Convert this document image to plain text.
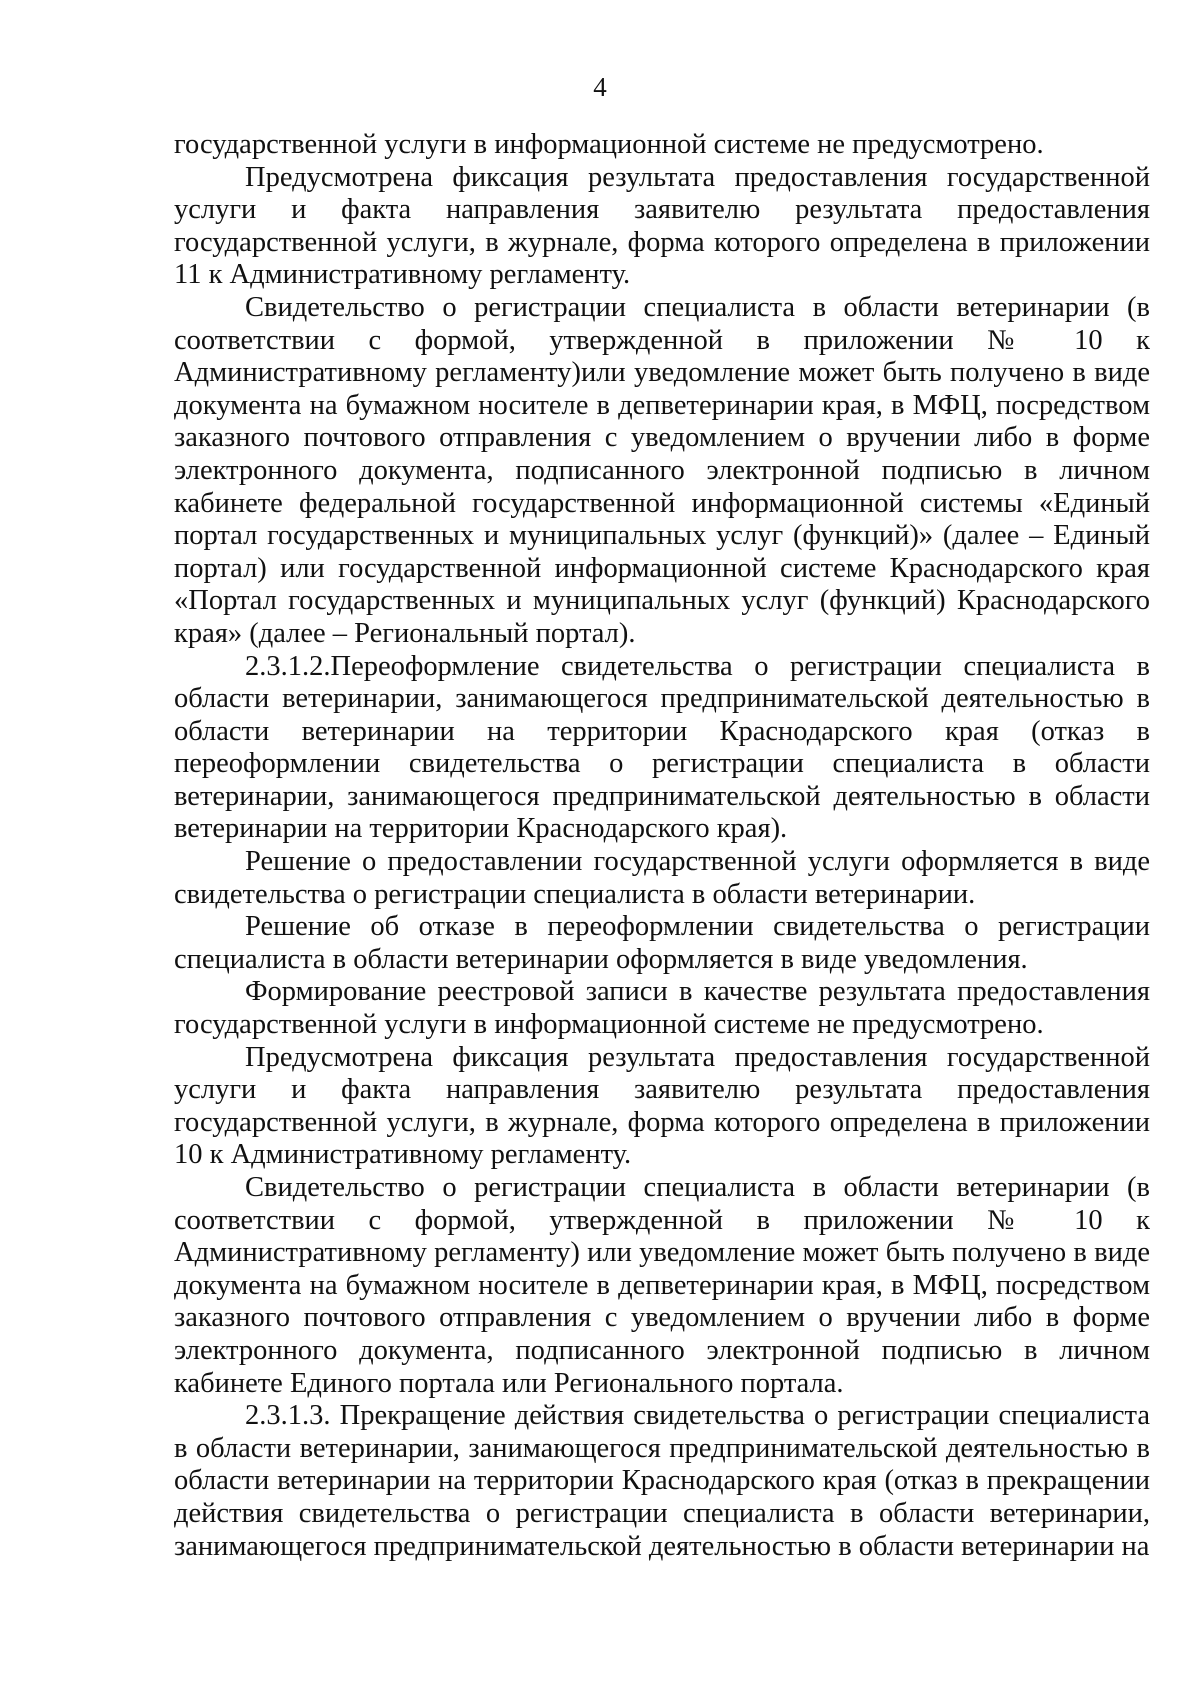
4

государственной услуги в информационной системе не предусмотрено.

Предусмотрена фиксация результата предоставления государственной услуги и факта направления заявителю результата предоставления государственной услуги, в журнале, форма которого определена в приложении 11 к Административному регламенту.

Свидетельство о регистрации специалиста в области ветеринарии (в соответствии с формой, утвержденной в приложении № 10 к Административному регламенту)или уведомление может быть получено в виде документа на бумажном носителе в депветеринарии края, в МФЦ, посредством заказного почтового отправления с уведомлением о вручении либо в форме электронного документа, подписанного электронной подписью в личном кабинете федеральной государственной информационной системы «Единый портал государственных и муниципальных услуг (функций)» (далее – Единый портал) или государственной информационной системе Краснодарского края «Портал государственных и муниципальных услуг (функций) Краснодарского края» (далее – Региональный портал).

2.3.1.2.Переоформление свидетельства о регистрации специалиста в области ветеринарии, занимающегося предпринимательской деятельностью в области ветеринарии на территории Краснодарского края (отказ в переоформлении свидетельства о регистрации специалиста в области ветеринарии, занимающегося предпринимательской деятельностью в области ветеринарии на территории Краснодарского края).

Решение о предоставлении государственной услуги оформляется в виде свидетельства о регистрации специалиста в области ветеринарии.

Решение об отказе в переоформлении свидетельства о регистрации специалиста в области ветеринарии оформляется в виде уведомления.

Формирование реестровой записи в качестве результата предоставления государственной услуги в информационной системе не предусмотрено.

Предусмотрена фиксация результата предоставления государственной услуги и факта направления заявителю результата предоставления государственной услуги, в журнале, форма которого определена в приложении 10 к Административному регламенту.

Свидетельство о регистрации специалиста в области ветеринарии (в соответствии с формой, утвержденной в приложении № 10 к Административному регламенту) или уведомление может быть получено в виде документа на бумажном носителе в депветеринарии края, в МФЦ, посредством заказного почтового отправления с уведомлением о вручении либо в форме электронного документа, подписанного электронной подписью в личном кабинете Единого портала или Регионального портала.

2.3.1.3. Прекращение действия свидетельства о регистрации специалиста в области ветеринарии, занимающегося предпринимательской деятельностью в области ветеринарии на территории Краснодарского края (отказ в прекращении действия свидетельства о регистрации специалиста в области ветеринарии, занимающегося предпринимательской деятельностью в области ветеринарии на
